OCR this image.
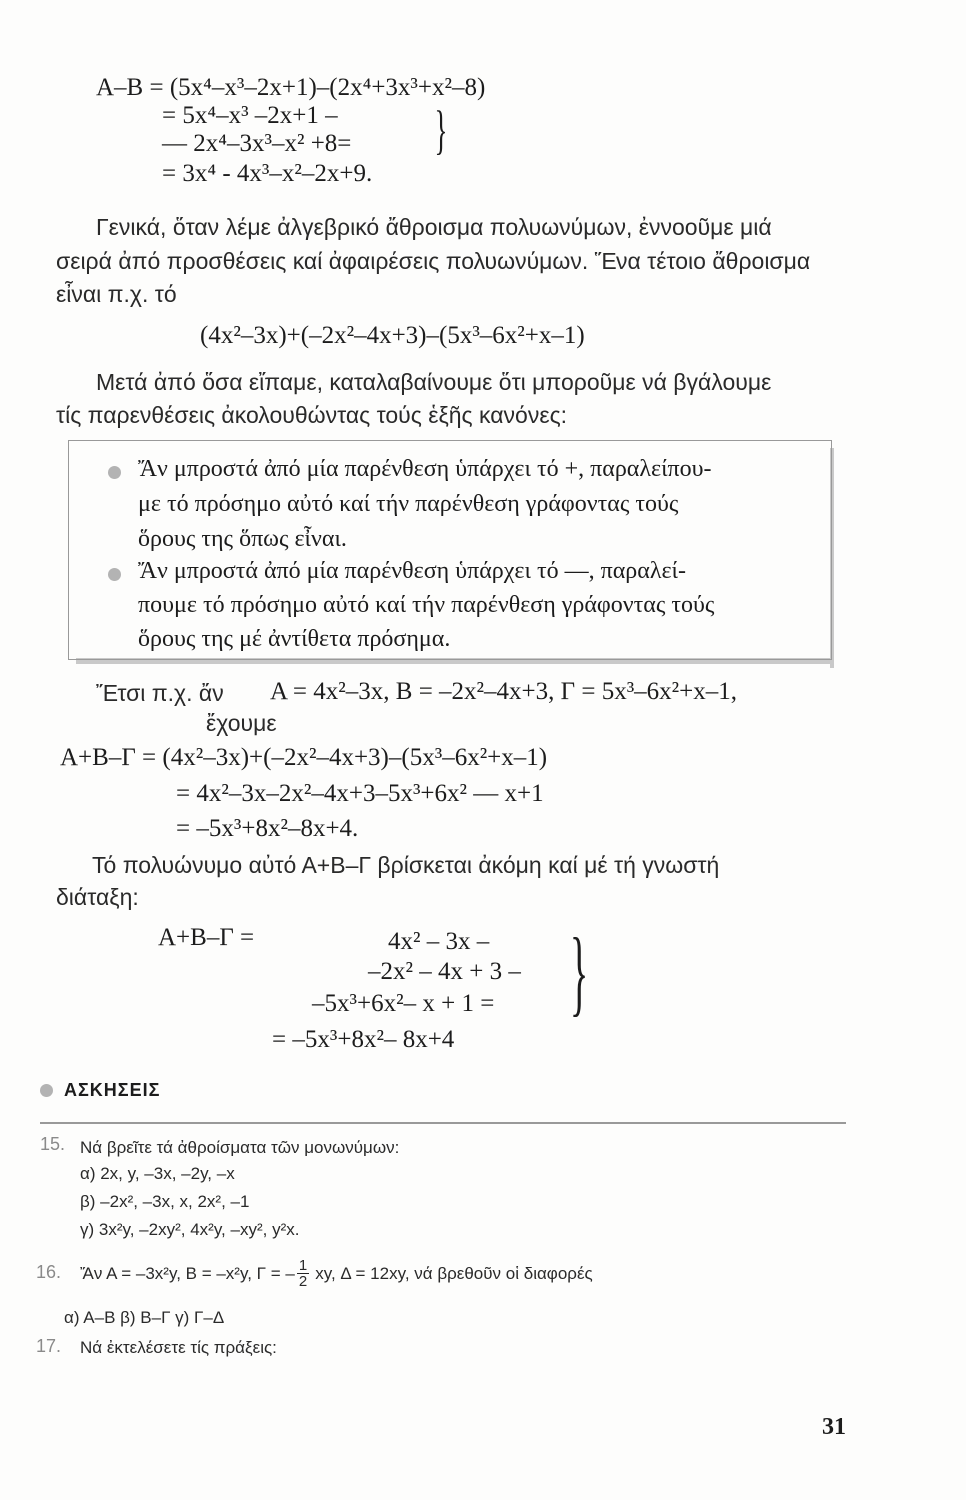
Α–Β = (5x⁴–x³–2x+1)–(2x⁴+3x³+x²–8)
= 5x⁴–x³ –2x+1 –
— 2x⁴–3x³–x² +8= }
= 3x⁴ - 4x³–x²–2x+9.
Γενικά, ὅταν λέμε ἀλγεβρικό ἄθροισμα πολυωνύμων, ἐννοοῦμε μιά
σειρά ἀπό προσθέσεις καί ἀφαιρέσεις πολυωνύμων. Ἕνα τέτοιο ἄθροισμα
εἶναι π.χ. τό
(4x²–3x)+(–2x²–4x+3)–(5x³–6x²+x–1)
Μετά ἀπό ὅσα εἴπαμε, καταλαβαίνουμε ὅτι μποροῦμε νά βγάλουμε
τίς παρενθέσεις ἀκολουθώντας τούς ἑξῆς κανόνες:
Ἄν μπροστά ἀπό μία παρένθεση ὑπάρχει τό +, παραλείπου-
με τό πρόσημο αὐτό καί τήν παρένθεση γράφοντας τούς
ὅρους της ὅπως εἶναι.
Ἄν μπροστά ἀπό μία παρένθεση ὑπάρχει τό —, παραλεί-
πουμε τό πρόσημο αὐτό καί τήν παρένθεση γράφοντας τούς
ὅρους της μέ ἀντίθετα πρόσημα.
Ἔτσι π.χ. ἄν Α = 4x²–3x, Β = –2x²–4x+3, Γ = 5x³–6x²+x–1,
ἔχουμε
Α+Β–Γ = (4x²–3x)+(–2x²–4x+3)–(5x³–6x²+x–1)
= 4x²–3x–2x²–4x+3–5x³+6x² — x+1
= –5x³+8x²–8x+4.
Τό πολυώνυμο αὐτό Α+Β–Γ βρίσκεται ἀκόμη καί μέ τή γνωστή
διάταξη:
Α+Β–Γ =	4x² – 3x –
–2x² – 4x + 3 –
–5x³+6x²– x + 1 = }
= –5x³+8x²– 8x+4
ΑΣΚΗΣΕΙΣ
15. Νά βρεῖτε τά ἀθροίσματα τῶν μονωνύμων:
α) 2x, y, –3x, –2y, –x
β) –2x², –3x, x, 2x², –1
γ) 3x²y, –2xy², 4x²y, –xy², y²x.
16. Ἄν Α = –3x²y, Β = –x²y, Γ = – $\frac{1}{2}$ xy, Δ = 12xy, νά βρεθοῦν οἱ διαφορές
α) Α–Β β) Β–Γ γ) Γ–Δ
17. Νά ἐκτελέσετε τίς πράξεις:
31
